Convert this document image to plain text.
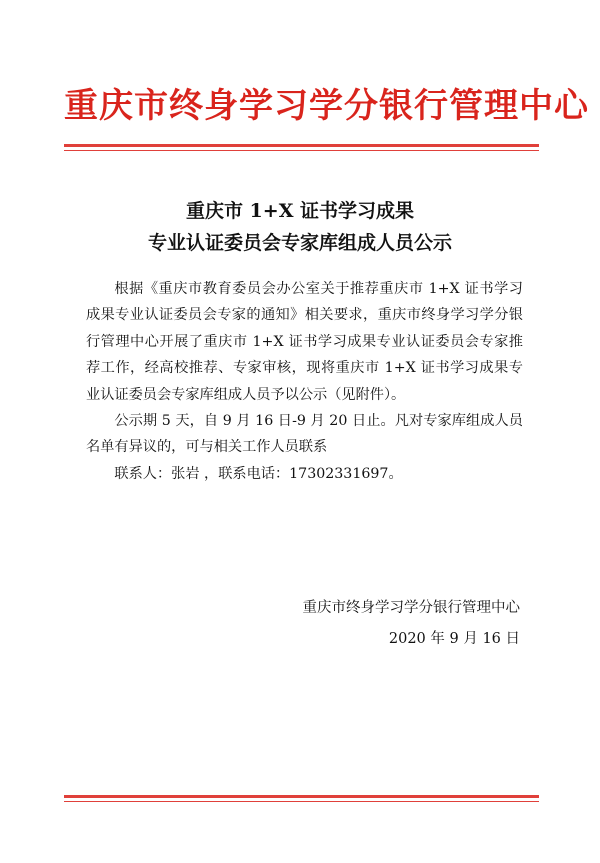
重庆市终身学习学分银行管理中心
重庆市 1+X 证书学习成果
专业认证委员会专家库组成人员公示

根据《重庆市教育委员会办公室关于推荐重庆市 1+X 证书学习成果专业认证委员会专家的通知》相关要求，重庆市终身学习学分银行管理中心开展了重庆市 1+X 证书学习成果专业认证委员会专家推荐工作，经高校推荐、专家审核，现将重庆市 1+X 证书学习成果专业认证委员会专家库组成人员予以公示（见附件）。

公示期 5 天，自 9 月 16 日-9 月 20 日止。凡对专家库组成人员名单有异议的，可与相关工作人员联系

联系人：张岩 ，联系电话：17302331697。

重庆市终身学习学分银行管理中心
2020 年 9 月 16 日
